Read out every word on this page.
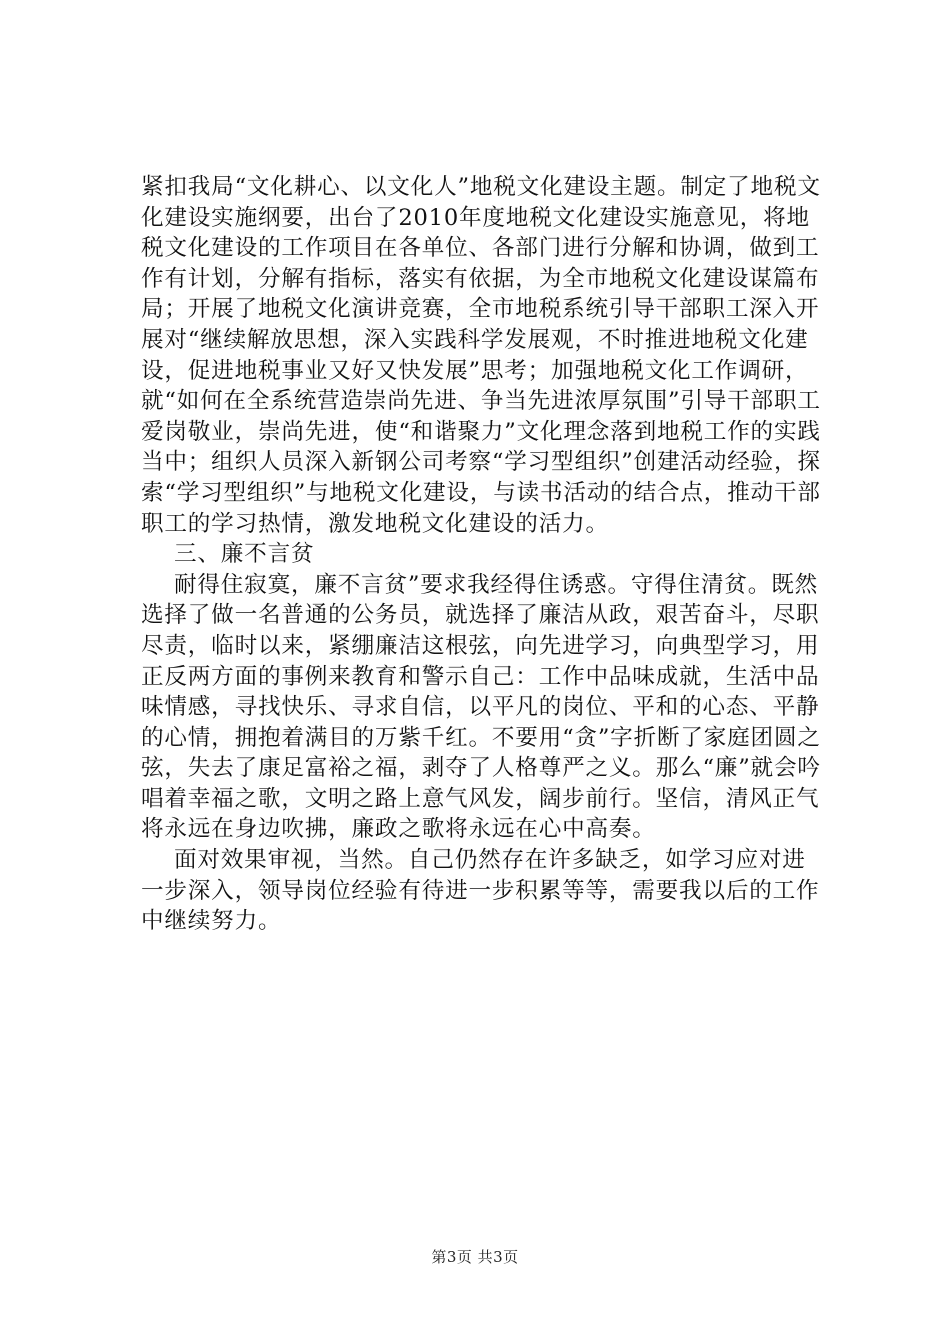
紧扣我局“文化耕心、以文化人”地税文化建设主题。制定了地税文化建设实施纲要，出台了2010年度地税文化建设实施意见，将地税文化建设的工作项目在各单位、各部门进行分解和协调，做到工作有计划，分解有指标，落实有依据，为全市地税文化建设谋篇布局；开展了地税文化演讲竞赛，全市地税系统引导干部职工深入开展对“继续解放思想，深入实践科学发展观，不时推进地税文化建设，促进地税事业又好又快发展”思考；加强地税文化工作调研，就“如何在全系统营造崇尚先进、争当先进浓厚氛围”引导干部职工爱岗敬业，崇尚先进，使“和谐聚力”文化理念落到地税工作的实践当中；组织人员深入新钢公司考察“学习型组织”创建活动经验，探索“学习型组织”与地税文化建设，与读书活动的结合点，推动干部职工的学习热情，激发地税文化建设的活力。

三、廉不言贫

耐得住寂寞，廉不言贫”要求我经得住诱惑。守得住清贫。既然选择了做一名普通的公务员，就选择了廉洁从政，艰苦奋斗，尽职尽责，临时以来，紧绷廉洁这根弦，向先进学习，向典型学习，用正反两方面的事例来教育和警示自己：工作中品味成就，生活中品味情感，寻找快乐、寻求自信，以平凡的岗位、平和的心态、平静的心情，拥抱着满目的万紫千红。不要用“贪”字折断了家庭团圆之弦，失去了康足富裕之福，剥夺了人格尊严之义。那么“廉”就会吟唱着幸福之歌，文明之路上意气风发，阔步前行。坚信，清风正气将永远在身边吹拂，廉政之歌将永远在心中高奏。

面对效果审视，当然。自己仍然存在许多缺乏，如学习应对进一步深入，领导岗位经验有待进一步积累等等，需要我以后的工作中继续努力。

第3页 共3页
